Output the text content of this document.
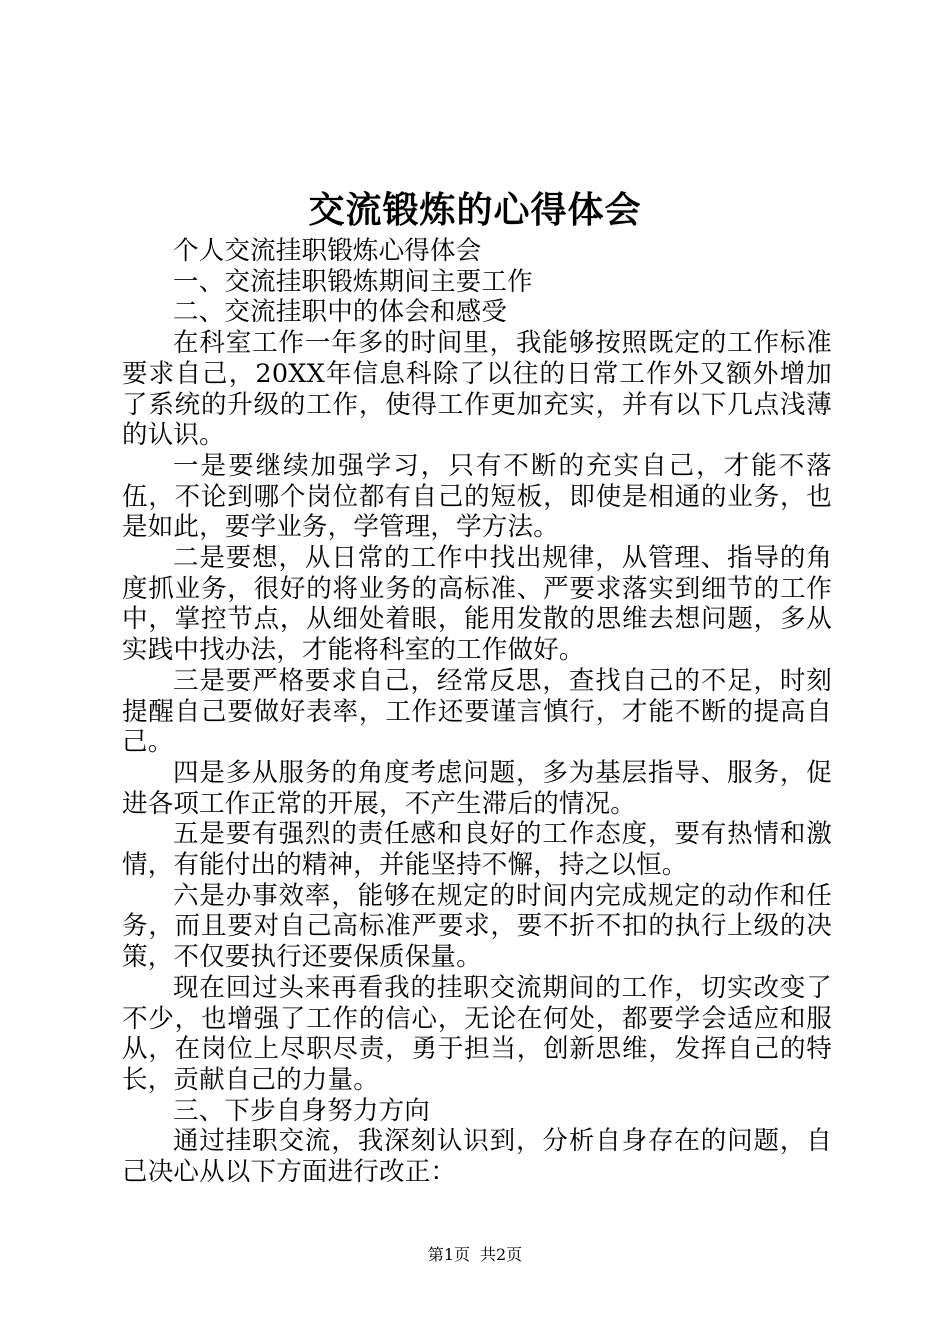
交流锻炼的心得体会

个人交流挂职锻炼心得体会

一、交流挂职锻炼期间主要工作

二、交流挂职中的体会和感受

在科室工作一年多的时间里，我能够按照既定的工作标准要求自己，20XX年信息科除了以往的日常工作外又额外增加了系统的升级的工作，使得工作更加充实，并有以下几点浅薄的认识。

一是要继续加强学习，只有不断的充实自己，才能不落伍，不论到哪个岗位都有自己的短板，即使是相通的业务，也是如此，要学业务，学管理，学方法。

二是要想，从日常的工作中找出规律，从管理、指导的角度抓业务，很好的将业务的高标准、严要求落实到细节的工作中，掌控节点，从细处着眼，能用发散的思维去想问题，多从实践中找办法，才能将科室的工作做好。

三是要严格要求自己，经常反思，查找自己的不足，时刻提醒自己要做好表率，工作还要谨言慎行，才能不断的提高自己。

四是多从服务的角度考虑问题，多为基层指导、服务，促进各项工作正常的开展，不产生滞后的情况。

五是要有强烈的责任感和良好的工作态度，要有热情和激情，有能付出的精神，并能坚持不懈，持之以恒。

六是办事效率，能够在规定的时间内完成规定的动作和任务，而且要对自己高标准严要求，要不折不扣的执行上级的决策，不仅要执行还要保质保量。

现在回过头来再看我的挂职交流期间的工作，切实改变了不少，也增强了工作的信心，无论在何处，都要学会适应和服从，在岗位上尽职尽责，勇于担当，创新思维，发挥自己的特长，贡献自己的力量。

三、下步自身努力方向

通过挂职交流，我深刻认识到，分析自身存在的问题，自己决心从以下方面进行改正：

第1页 共2页
